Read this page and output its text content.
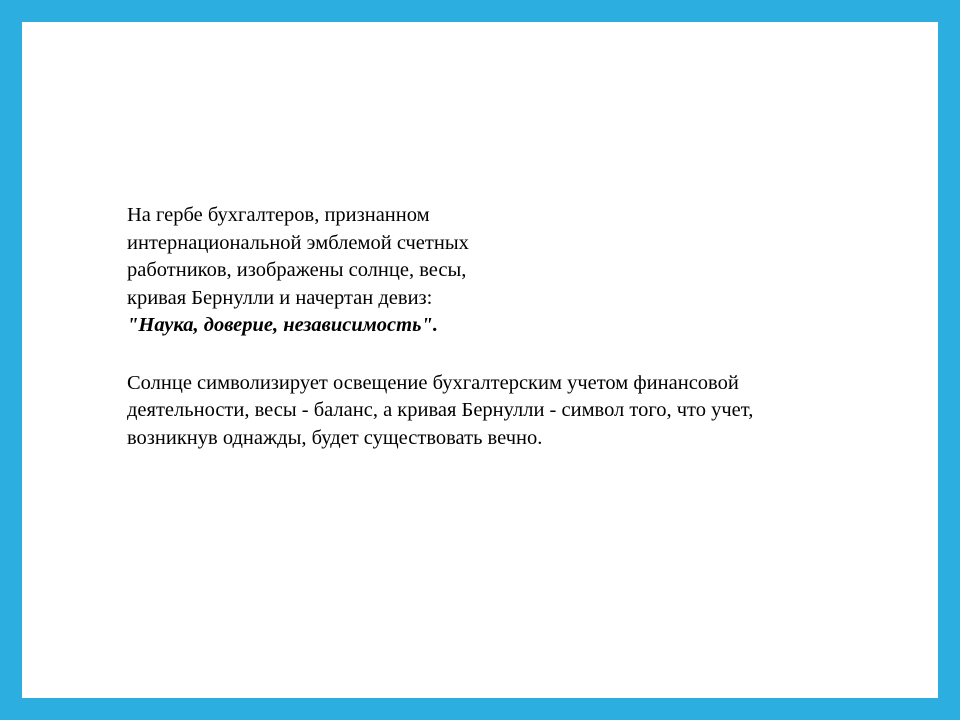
На гербе бухгалтеров, признанном
интернациональной эмблемой счетных
работников, изображены солнце, весы,
кривая Бернулли и начертан девиз:
"Наука, доверие, независимость".
Солнце символизирует освещение бухгалтерским учетом финансовой
деятельности, весы - баланс, а кривая Бернулли - символ того, что учет,
возникнув однажды, будет существовать вечно.
